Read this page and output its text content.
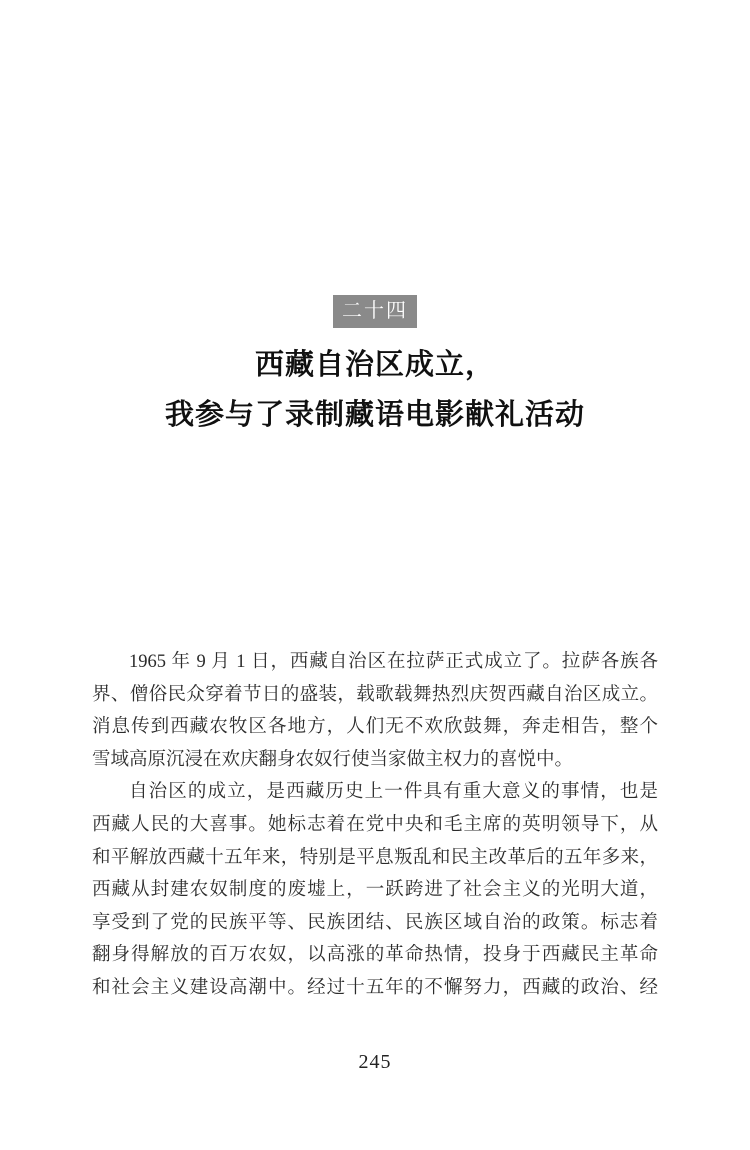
二十四
西藏自治区成立，
我参与了录制藏语电影献礼活动
1965 年 9 月 1 日，西藏自治区在拉萨正式成立了。拉萨各族各
界、僧俗民众穿着节日的盛装，载歌载舞热烈庆贺西藏自治区成立。
消息传到西藏农牧区各地方，人们无不欢欣鼓舞，奔走相告，整个
雪域高原沉浸在欢庆翻身农奴行使当家做主权力的喜悦中。
自治区的成立，是西藏历史上一件具有重大意义的事情，也是
西藏人民的大喜事。她标志着在党中央和毛主席的英明领导下，从
和平解放西藏十五年来，特别是平息叛乱和民主改革后的五年多来，
西藏从封建农奴制度的废墟上，一跃跨进了社会主义的光明大道，
享受到了党的民族平等、民族团结、民族区域自治的政策。标志着
翻身得解放的百万农奴，以高涨的革命热情，投身于西藏民主革命
和社会主义建设高潮中。经过十五年的不懈努力，西藏的政治、经
245
